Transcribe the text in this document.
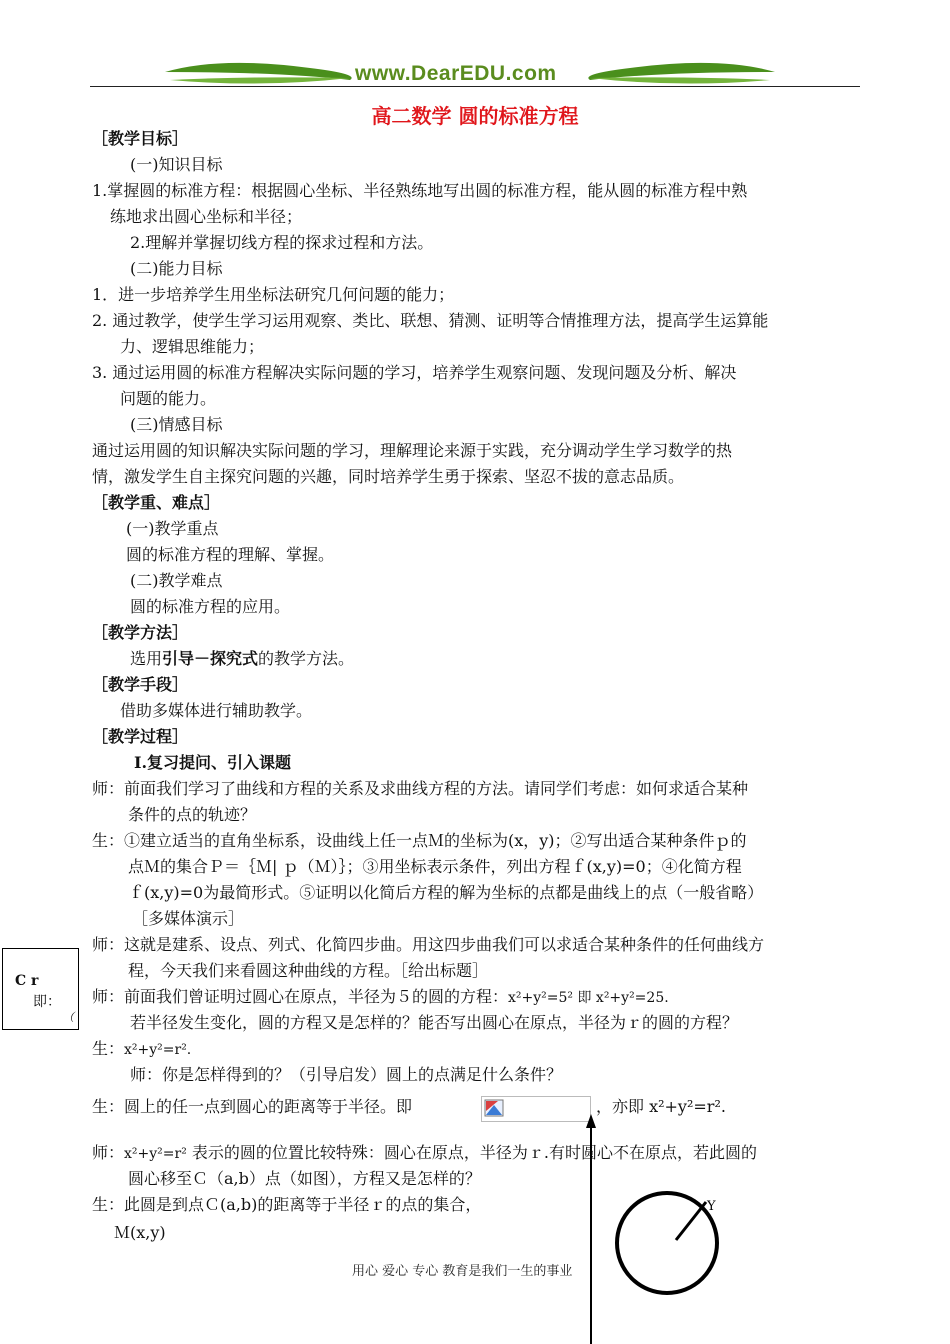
www.DearEDU.com
高二数学 圆的标准方程
［教学目标］
(一)知识目标
1.掌握圆的标准方程：根据圆心坐标、半径熟练地写出圆的标准方程，能从圆的标准方程中熟
练地求出圆心坐标和半径；
2.理解并掌握切线方程的探求过程和方法。
(二)能力目标
1．进一步培养学生用坐标法研究几何问题的能力；
2. 通过教学，使学生学习运用观察、类比、联想、猜测、证明等合情推理方法，提高学生运算能
力、逻辑思维能力；
3. 通过运用圆的标准方程解决实际问题的学习，培养学生观察问题、发现问题及分析、解决
问题的能力。
(三)情感目标
通过运用圆的知识解决实际问题的学习，理解理论来源于实践，充分调动学生学习数学的热
情，激发学生自主探究问题的兴趣，同时培养学生勇于探索、坚忍不拔的意志品质。
［教学重、难点］
(一)教学重点
圆的标准方程的理解、掌握。
(二)教学难点
圆的标准方程的应用。
［教学方法］
选用引导－探究式的教学方法。
［教学手段］
借助多媒体进行辅助教学。
［教学过程］
Ⅰ.复习提问、引入课题
师：前面我们学习了曲线和方程的关系及求曲线方程的方法。请同学们考虑：如何求适合某种
条件的点的轨迹？
生：①建立适当的直角坐标系，设曲线上任一点Ｍ的坐标为(x，y)；②写出适合某种条件ｐ的
点Ｍ的集合Ｐ＝｛Ｍ| ｐ（Ｍ）｝；③用坐标表示条件，列出方程ｆ(x,y)=0；④化简方程
ｆ(x,y)=0为最简形式。⑤证明以化简后方程的解为坐标的点都是曲线上的点（一般省略）
［多媒体演示］
师：这就是建系、设点、列式、化简四步曲。用这四步曲我们可以求适合某种条件的任何曲线方
程，今天我们来看圆这种曲线的方程。［给出标题］
师：前面我们曾证明过圆心在原点，半径为５的圆的方程：x²+y²=5² 即 x²+y²=25.
若半径发生变化，圆的方程又是怎样的？能否写出圆心在原点，半径为ｒ的圆的方程？
生：x²+y²=r².
师：你是怎样得到的？（引导启发）圆上的点满足什么条件？
生：圆上的任一点到圆心的距离等于半径。即	，亦即 x²+y²=r².
师：x²+y²=r² 表示的圆的位置比较特殊：圆心在原点，半径为ｒ.有时圆心不在原点，若此圆的
圆心移至Ｃ（a,b）点（如图），方程又是怎样的？
生：此圆是到点Ｃ(a,b)的距离等于半径ｒ的点的集合，
Ｍ(x,y)
Y
C r
即：
（
用心 爱心 专心 教育是我们一生的事业
